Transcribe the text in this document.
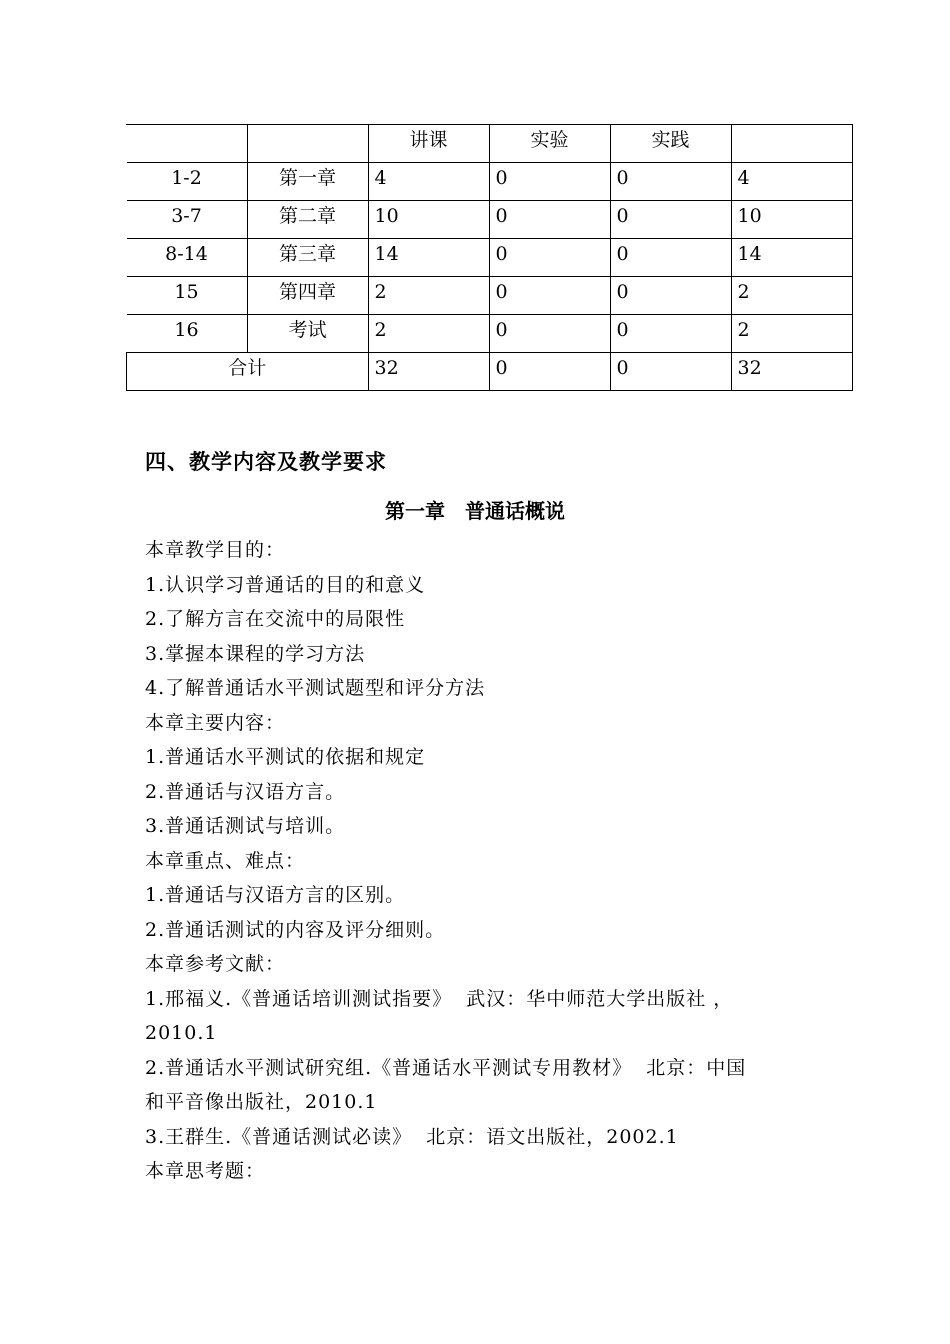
		讲课	实验	实践	
1-2	第一章	4	0	0	4
3-7	第二章	10	0	0	10
8-14	第三章	14	0	0	14
15	第四章	2	0	0	2
16	考试	2	0	0	2
合计		32	0	0	32
四、教学内容及教学要求
第一章 普通话概说
本章教学目的：
1.认识学习普通话的目的和意义
2.了解方言在交流中的局限性
3.掌握本课程的学习方法
4.了解普通话水平测试题型和评分方法
本章主要内容：
1.普通话水平测试的依据和规定
2.普通话与汉语方言。
3.普通话测试与培训。
本章重点、难点：
1.普通话与汉语方言的区别。
2.普通话测试的内容及评分细则。
本章参考文献：
1.邢福义.《普通话培训测试指要》  武汉：华中师范大学出版社 ，
2010.1
2.普通话水平测试研究组.《普通话水平测试专用教材》  北京：中国
和平音像出版社，2010.1
3.王群生.《普通话测试必读》  北京：语文出版社，2002.1
本章思考题：
